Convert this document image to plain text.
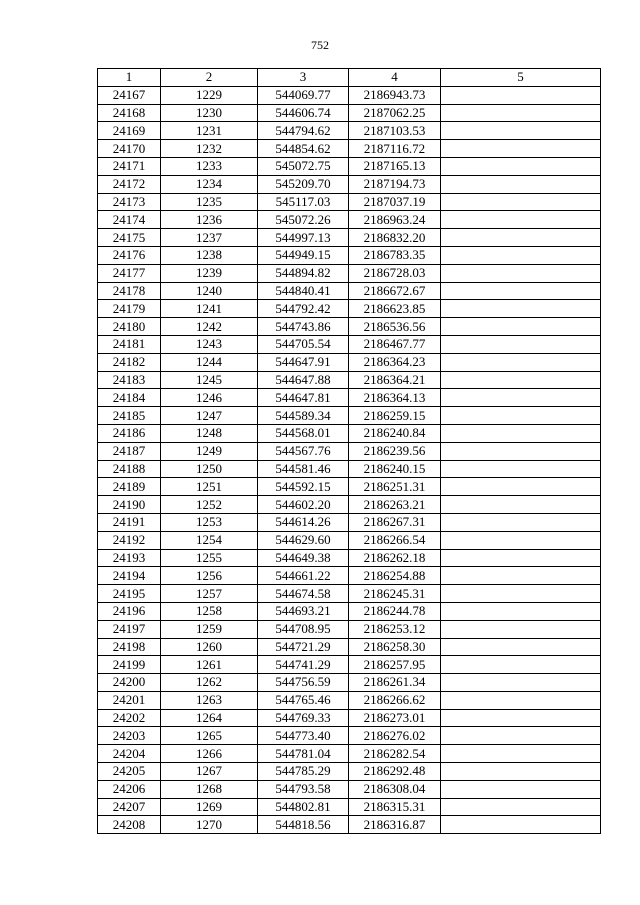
752
1	2	3	4	5
24167	1229	544069.77	2186943.73	
24168	1230	544606.74	2187062.25	
24169	1231	544794.62	2187103.53	
24170	1232	544854.62	2187116.72	
24171	1233	545072.75	2187165.13	
24172	1234	545209.70	2187194.73	
24173	1235	545117.03	2187037.19	
24174	1236	545072.26	2186963.24	
24175	1237	544997.13	2186832.20	
24176	1238	544949.15	2186783.35	
24177	1239	544894.82	2186728.03	
24178	1240	544840.41	2186672.67	
24179	1241	544792.42	2186623.85	
24180	1242	544743.86	2186536.56	
24181	1243	544705.54	2186467.77	
24182	1244	544647.91	2186364.23	
24183	1245	544647.88	2186364.21	
24184	1246	544647.81	2186364.13	
24185	1247	544589.34	2186259.15	
24186	1248	544568.01	2186240.84	
24187	1249	544567.76	2186239.56	
24188	1250	544581.46	2186240.15	
24189	1251	544592.15	2186251.31	
24190	1252	544602.20	2186263.21	
24191	1253	544614.26	2186267.31	
24192	1254	544629.60	2186266.54	
24193	1255	544649.38	2186262.18	
24194	1256	544661.22	2186254.88	
24195	1257	544674.58	2186245.31	
24196	1258	544693.21	2186244.78	
24197	1259	544708.95	2186253.12	
24198	1260	544721.29	2186258.30	
24199	1261	544741.29	2186257.95	
24200	1262	544756.59	2186261.34	
24201	1263	544765.46	2186266.62	
24202	1264	544769.33	2186273.01	
24203	1265	544773.40	2186276.02	
24204	1266	544781.04	2186282.54	
24205	1267	544785.29	2186292.48	
24206	1268	544793.58	2186308.04	
24207	1269	544802.81	2186315.31	
24208	1270	544818.56	2186316.87	
